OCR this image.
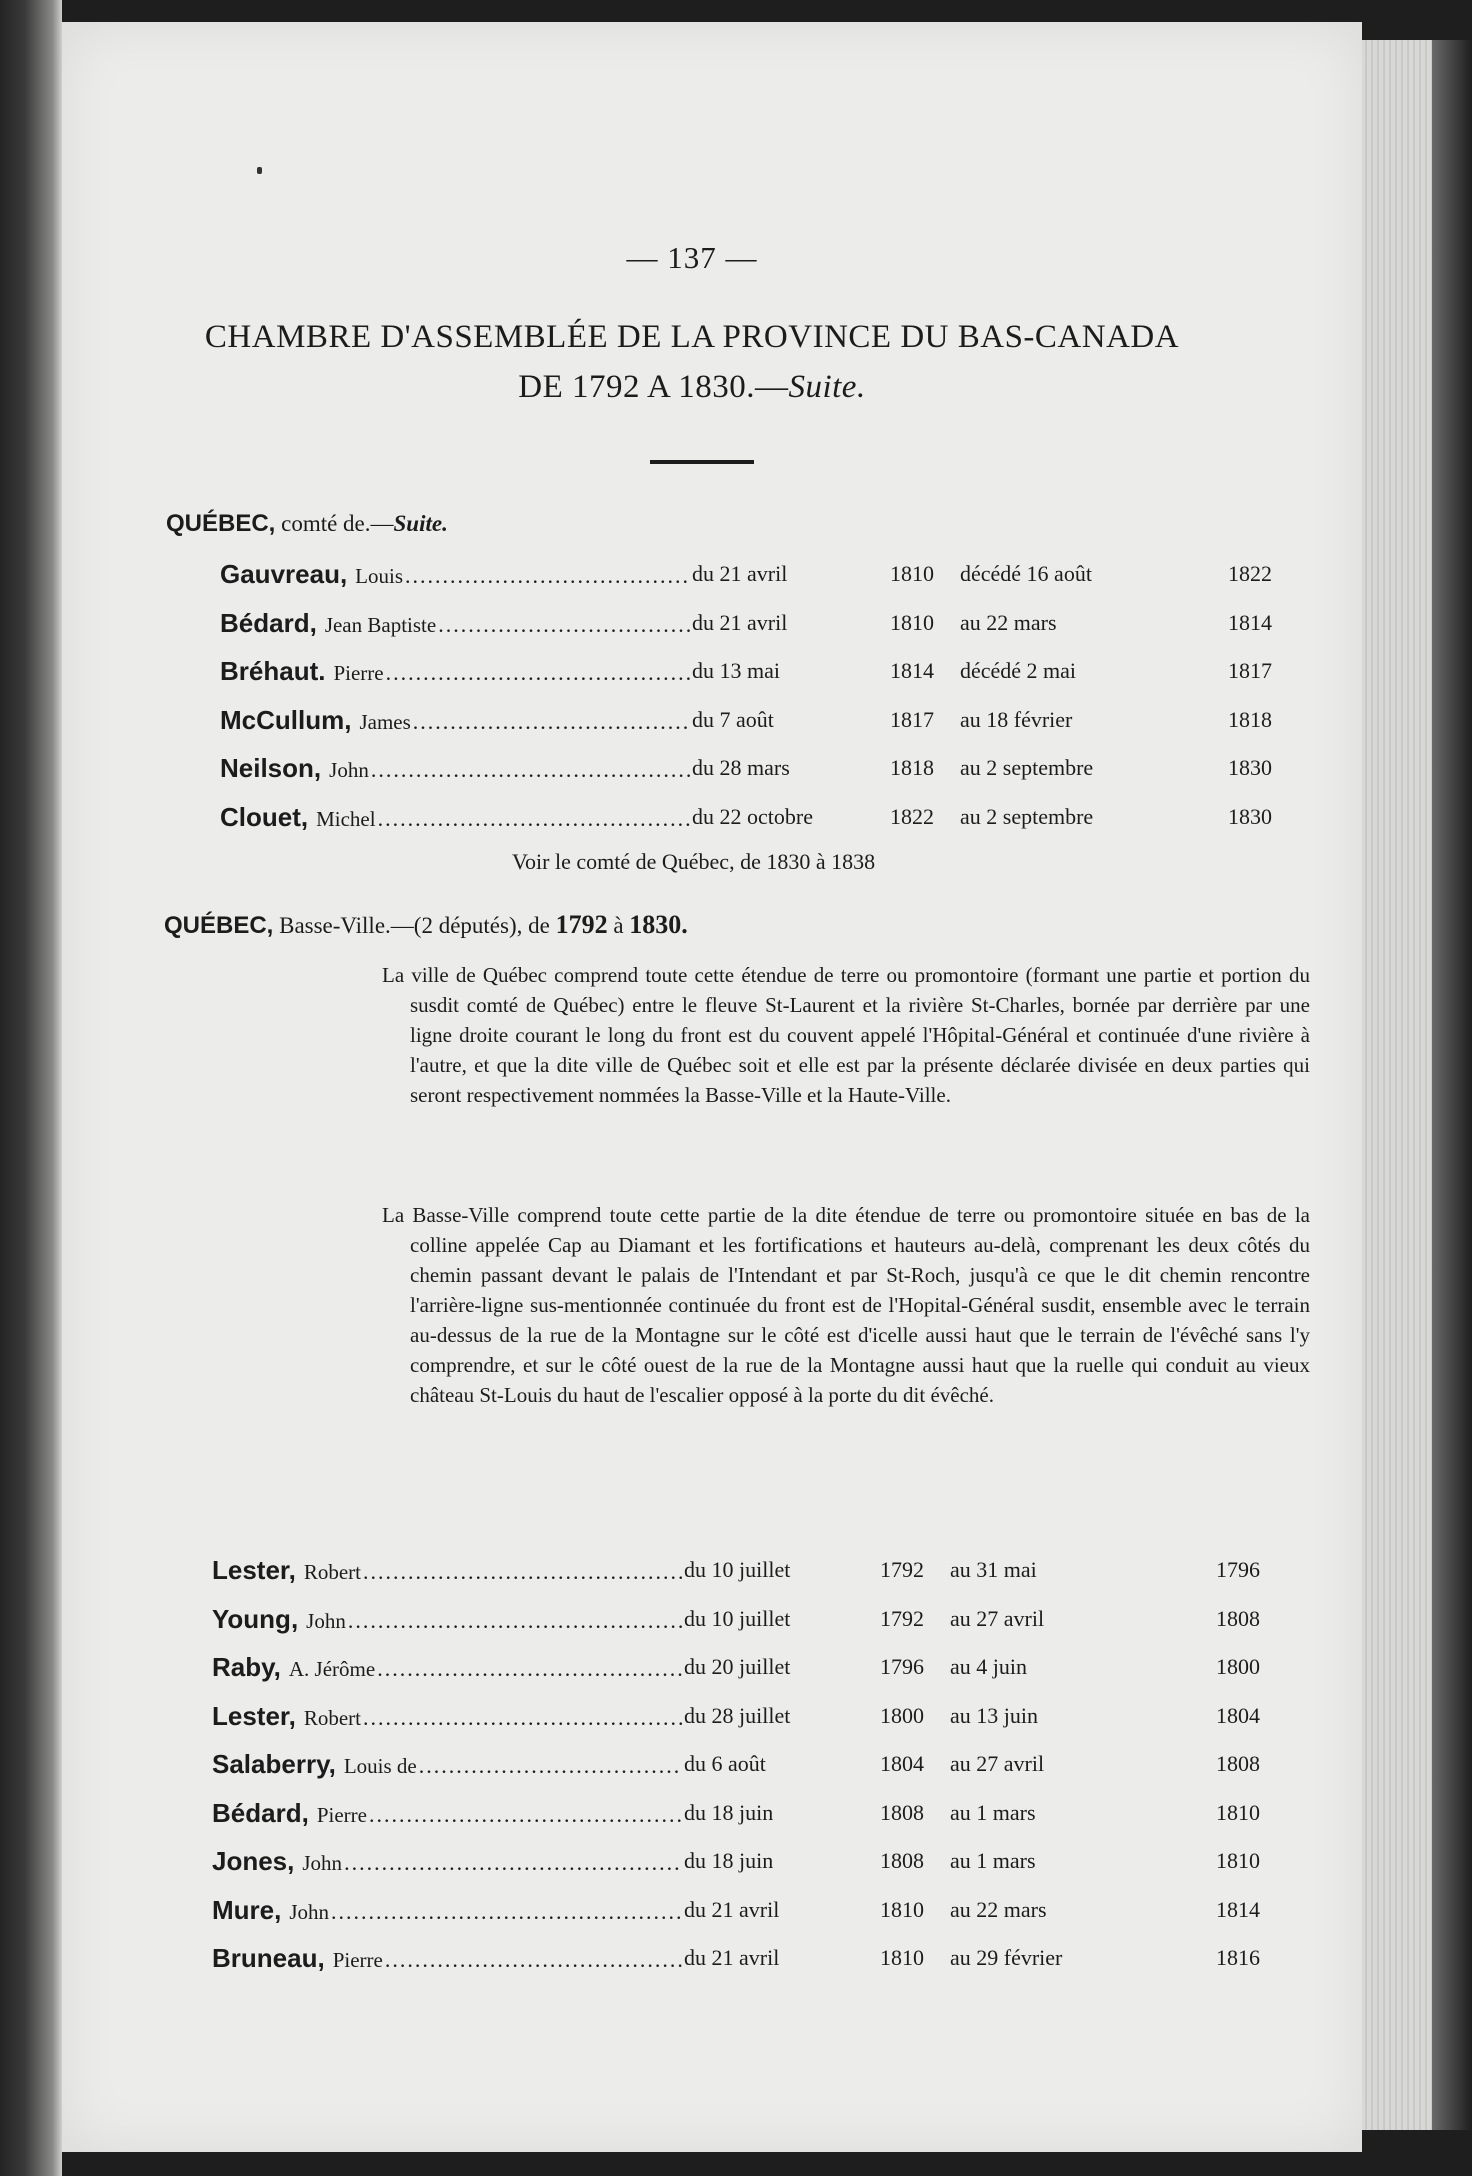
— 137 —
CHAMBRE D'ASSEMBLÉE DE LA PROVINCE DU BAS-CANADA
DE 1792 A 1830.—Suite.
QUÉBEC, comté de.—Suite.
Gauvreau, Louis .....	du 21 avril	1810 décédé 16 août	1822
Bédard, Jean Baptiste .....	du 21 avril	1810 au 22 mars	1814
Bréhaut. Pierre .....	du 13 mai	1814 décédé 2 mai	1817
McCullum, James .....	du 7 août	1817 au 18 février	1818
Neilson, John .....	du 28 mars	1818 au 2 septembre	1830
Clouet, Michel .....	du 22 octobre	1822 au 2 septembre	1830
Voir le comté de Québec, de 1830 à 1838
QUÉBEC, Basse-Ville.—(2 députés), de 1792 à 1830.
La ville de Québec comprend toute cette étendue de terre ou promontoire (formant une partie et portion du susdit comté de Québec) entre le fleuve St-Laurent et la rivière St-Charles, bornée par derrière par une ligne droite courant le long du front est du couvent appelé l'Hôpital-Général et continuée d'une rivière à l'autre, et que la dite ville de Québec soit et elle est par la présente déclarée divisée en deux parties qui seront respectivement nommées la Basse-Ville et la Haute-Ville.
La Basse-Ville comprend toute cette partie de la dite étendue de terre ou promontoire située en bas de la colline appelée Cap au Diamant et les fortifications et hauteurs au-delà, comprenant les deux côtés du chemin passant devant le palais de l'Intendant et par St-Roch, jusqu'à ce que le dit chemin rencontre l'arrière-ligne sus-mentionnée continuée du front est de l'Hopital-Général susdit, ensemble avec le terrain au-dessus de la rue de la Montagne sur le côté est d'icelle aussi haut que le terrain de l'évêché sans l'y comprendre, et sur le côté ouest de la rue de la Montagne aussi haut que la ruelle qui conduit au vieux château St-Louis du haut de l'escalier opposé à la porte du dit évêché.
Lester, Robert .....	du 10 juillet	1792 au 31 mai	1796
Young, John .....	du 10 juillet	1792 au 27 avril	1808
Raby, A. Jérôme .....	du 20 juillet	1796 au 4 juin	1800
Lester, Robert .....	du 28 juillet	1800 au 13 juin	1804
Salaberry, Louis de .....	du 6 août	1804 au 27 avril	1808
Bédard, Pierre .....	du 18 juin	1808 au 1 mars	1810
Jones, John .....	du 18 juin	1808 au 1 mars	1810
Mure, John .....	du 21 avril	1810 au 22 mars	1814
Bruneau, Pierre .....	du 21 avril	1810 au 29 février	1816
